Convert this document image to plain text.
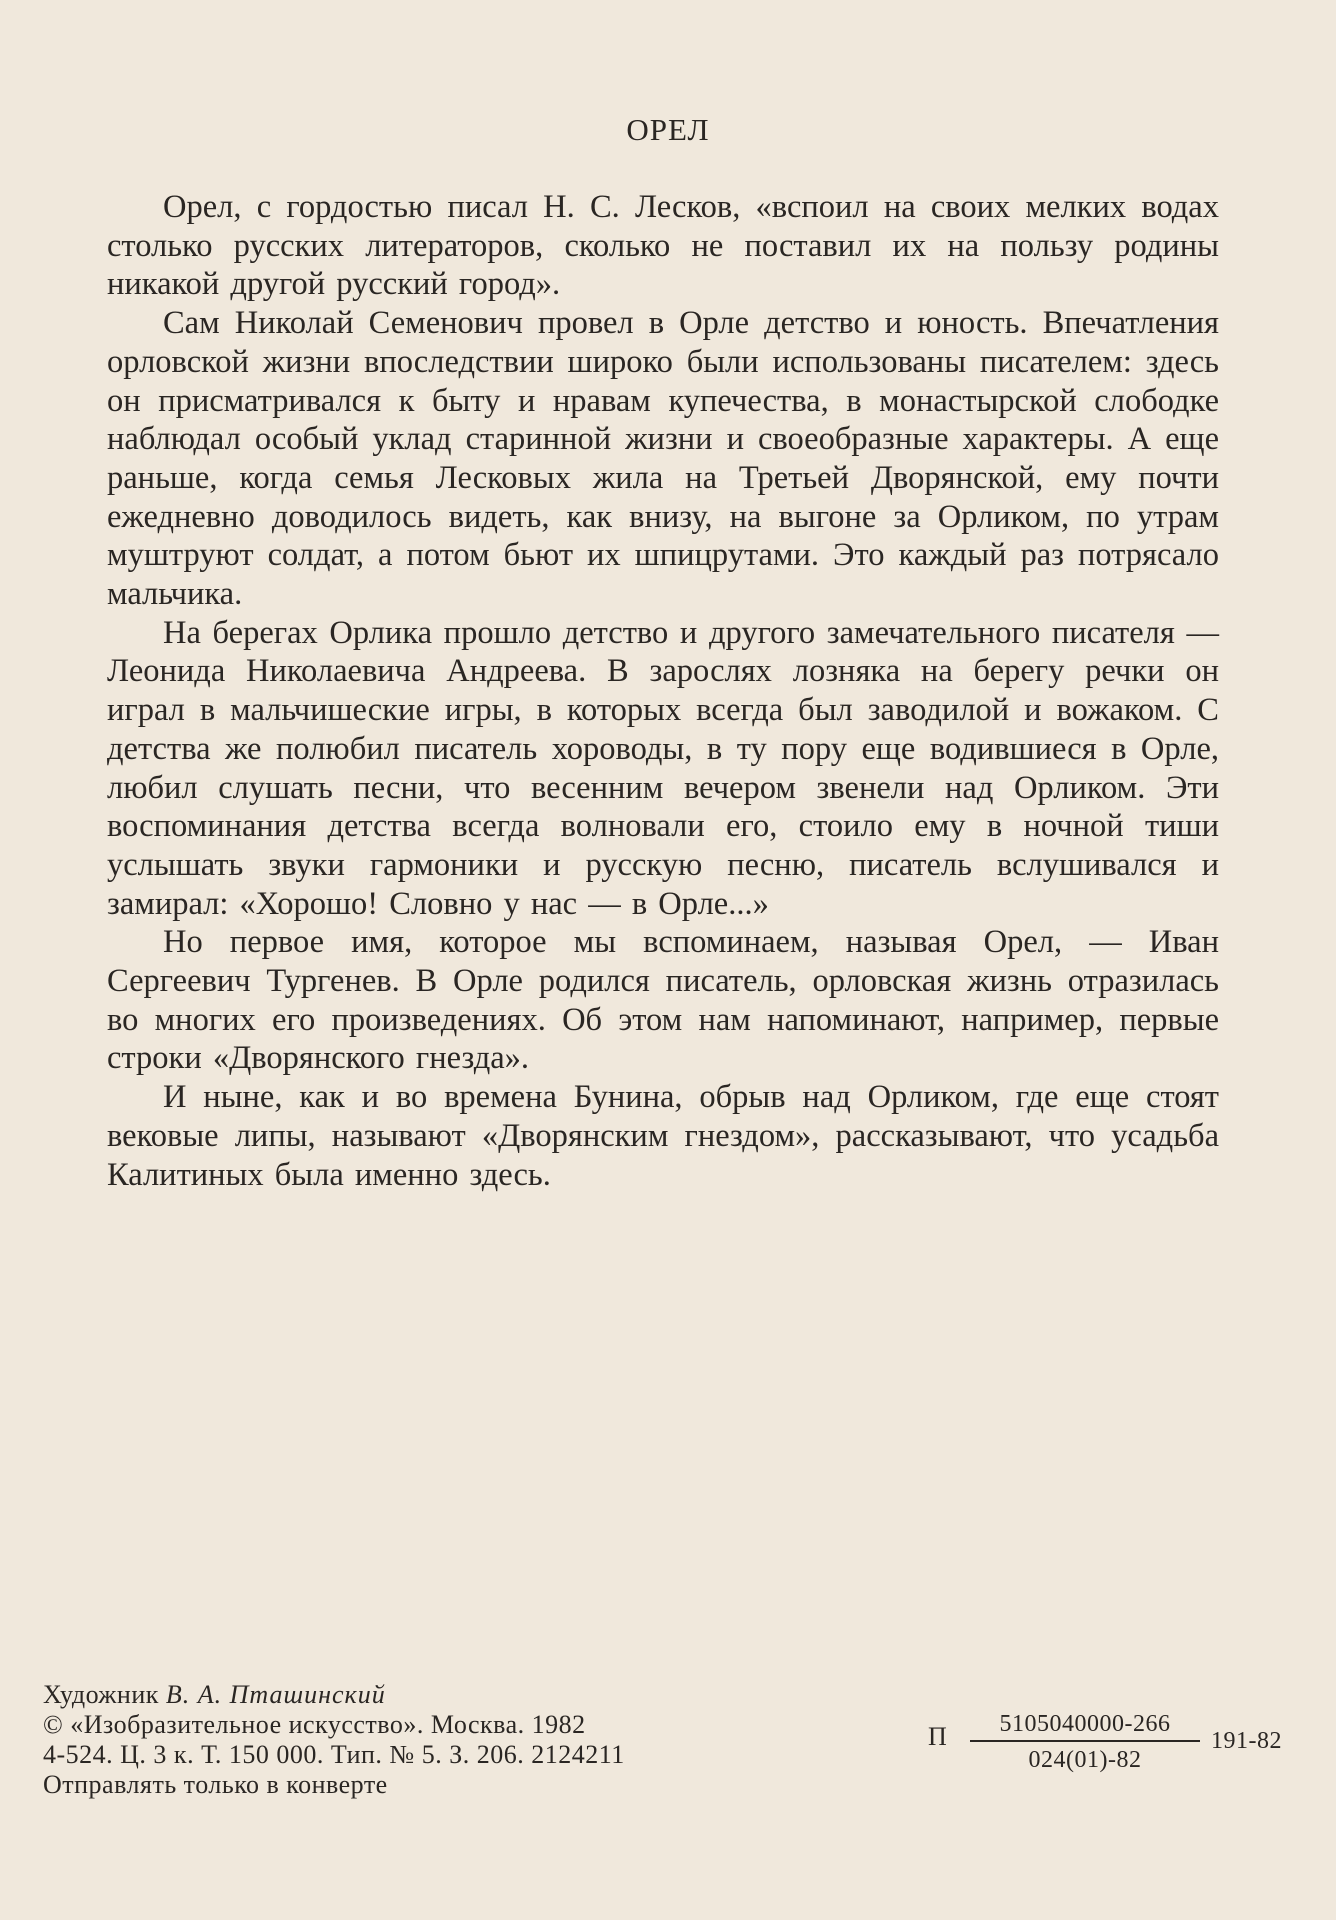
ОРЕЛ

Орел, с гордостью писал Н. С. Лесков, «вспоил на своих мелких водах столько русских литераторов, сколько не поставил их на пользу родины никакой другой русский город».

Сам Николай Семенович провел в Орле детство и юность. Впечатления орловской жизни впоследствии широко были использованы писателем: здесь он присматривался к быту и нравам купечества, в монастырской слободке наблюдал особый уклад старинной жизни и своеобразные характеры. А еще раньше, когда семья Лесковых жила на Третьей Дворянской, ему почти ежедневно доводилось видеть, как внизу, на выгоне за Орликом, по утрам муштруют солдат, а потом бьют их шпицрутами. Это каждый раз потрясало мальчика.

На берегах Орлика прошло детство и другого замечательного писателя — Леонида Николаевича Андреева. В зарослях лозняка на берегу речки он играл в мальчишеские игры, в которых всегда был заводилой и вожаком. С детства же полюбил писатель хороводы, в ту пору еще водившиеся в Орле, любил слушать песни, что весенним вечером звенели над Орликом. Эти воспоминания детства всегда волновали его, стоило ему в ночной тиши услышать звуки гармоники и русскую песню, писатель вслушивался и замирал: «Хорошо! Словно у нас — в Орле...»

Но первое имя, которое мы вспоминаем, называя Орел, — Иван Сергеевич Тургенев. В Орле родился писатель, орловская жизнь отразилась во многих его произведениях. Об этом нам напоминают, например, первые строки «Дворянского гнезда».

И ныне, как и во времена Бунина, обрыв над Орликом, где еще стоят вековые липы, называют «Дворянским гнездом», рассказывают, что усадьба Калитиных была именно здесь.

Художник В. А. Пташинский
© «Изобразительное искусство». Москва. 1982
4-524. Ц. 3 к. Т. 150 000. Тип. № 5. З. 206. 2124211
Отправлять только в конверте
П $\frac{5105040000-266}{024(01)-82} 191-82$
